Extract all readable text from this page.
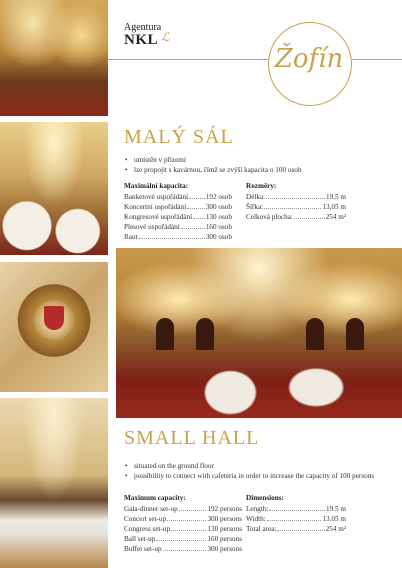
Agentura
NKL ℒ
Žofín
MALÝ SÁL
• umístěn v přízemí
• lze propojit s kavárnou, čímž se zvýší kapacita o 100 osob
Maximální kapacita:
Banketové uspořádání 192 osob
Koncertní uspořádání	300 osob
Kongresové uspořádání 130 osob
Plesové uspořádání	160 osob
Raut	300 osob
Rozměry:
Délka:	19,5 m
Šířka:	13,05 m
Celková plocha:	254 m²
SMALL HALL
• situated on the ground floor
• possibility to connect with cafeteria in order to increase the capacity of 100 persons
Maximum capacity:
Gala-dinner set-up	192 persons
Concert set-up	300 persons
Congress set-up	130 persons
Ball set-up	160 persons
Buffet set-up	300 persons
Dimensions:
Length:	19.5 m
Width:	13.05 m
Total area:	254 m²
